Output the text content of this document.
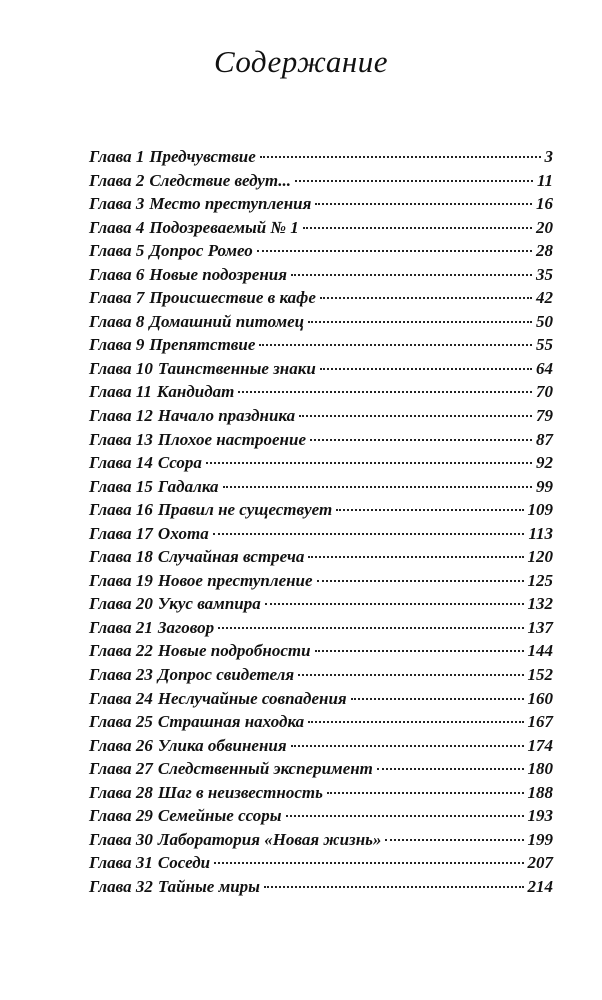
Содержание
Глава 1 Предчувствие	3
Глава 2 Следствие ведут...	11
Глава 3 Место преступления	16
Глава 4 Подозреваемый № 1	20
Глава 5 Допрос Ромео	28
Глава 6 Новые подозрения	35
Глава 7 Происшествие в кафе	42
Глава 8 Домашний питомец	50
Глава 9 Препятствие	55
Глава 10 Таинственные знаки	64
Глава 11 Кандидат	70
Глава 12 Начало праздника	79
Глава 13 Плохое настроение	87
Глава 14 Ссора	92
Глава 15 Гадалка	99
Глава 16 Правил не существует	109
Глава 17 Охота	113
Глава 18 Случайная встреча	120
Глава 19 Новое преступление	125
Глава 20 Укус вампира	132
Глава 21 Заговор	137
Глава 22 Новые подробности	144
Глава 23 Допрос свидетеля	152
Глава 24 Неслучайные совпадения	160
Глава 25 Страшная находка	167
Глава 26 Улика обвинения	174
Глава 27 Следственный эксперимент	180
Глава 28 Шаг в неизвестность	188
Глава 29 Семейные ссоры	193
Глава 30 Лаборатория «Новая жизнь»	199
Глава 31 Соседи	207
Глава 32 Тайные миры	214
